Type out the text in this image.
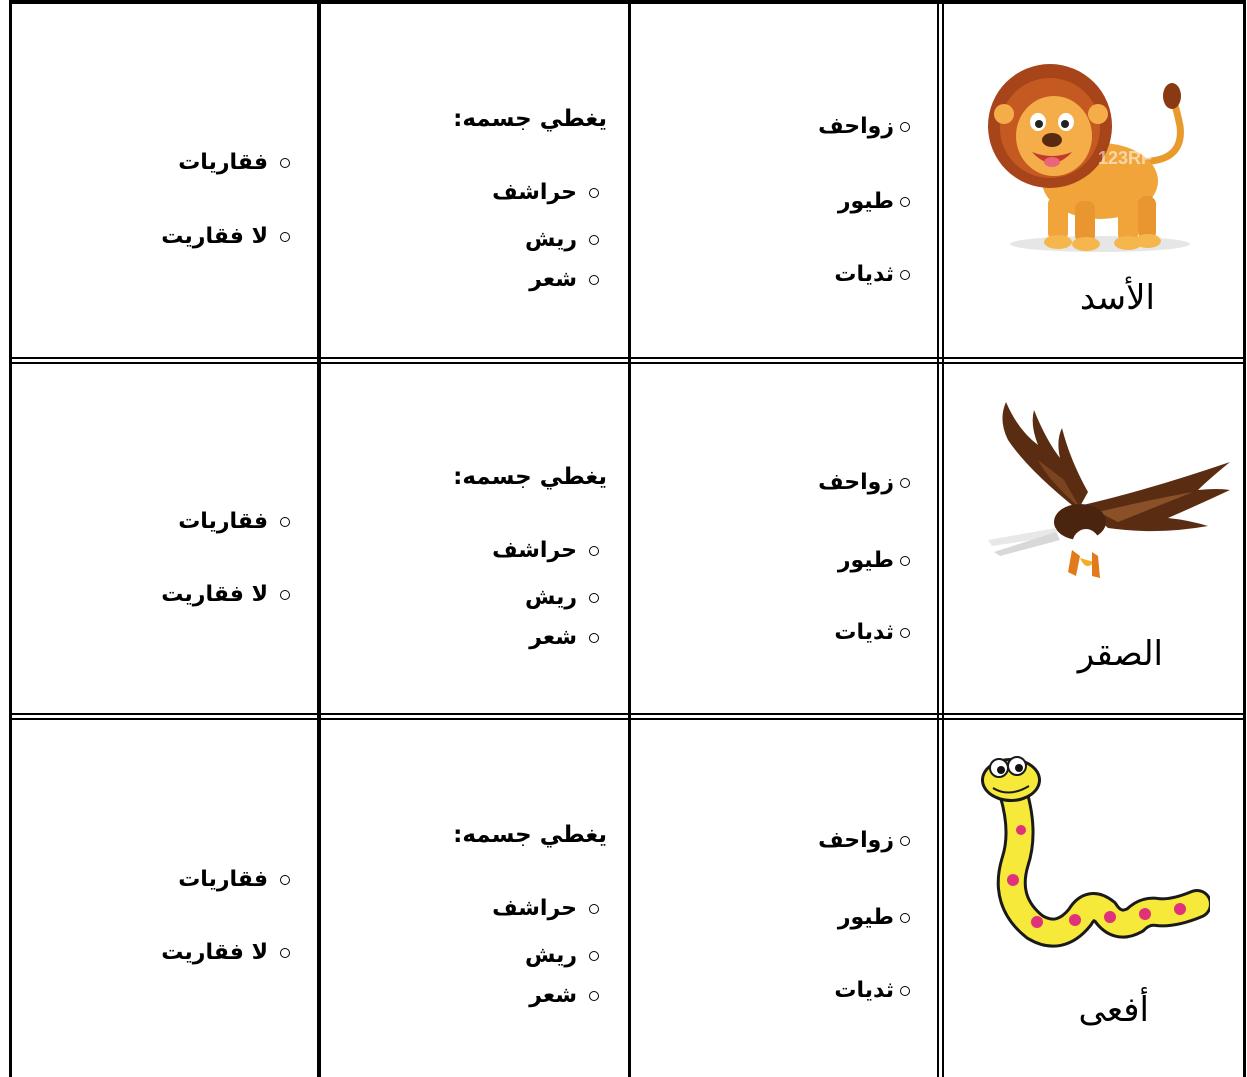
123RF
الأسد
زواحف
طيور
ثديات
يغطي جسمه:
حراشف
ريش
شعر
فقاريات
لا فقاريت
الصقر
زواحف
طيور
ثديات
يغطي جسمه:
حراشف
ريش
شعر
فقاريات
لا فقاريت
أفعى
زواحف
طيور
ثديات
يغطي جسمه:
حراشف
ريش
شعر
فقاريات
لا فقاريت
